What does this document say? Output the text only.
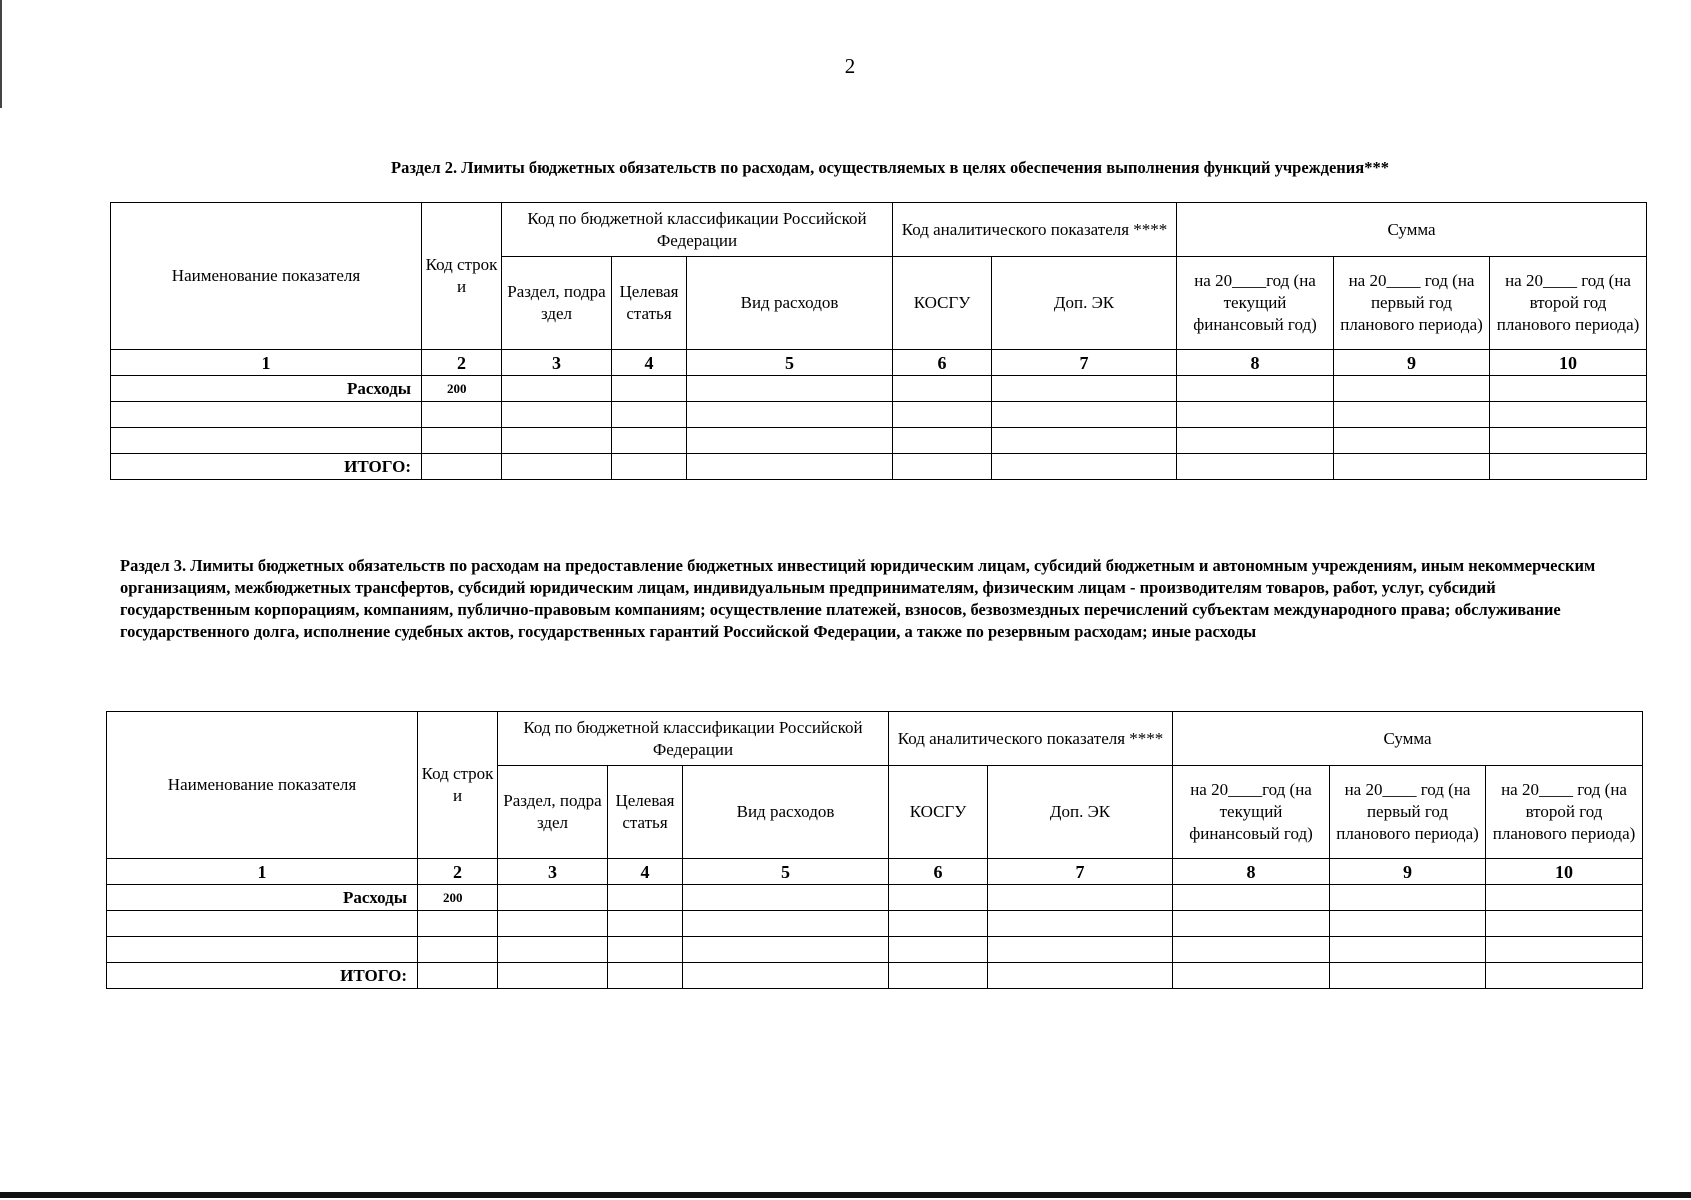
2
Раздел 2. Лимиты бюджетных обязательств по расходам, осуществляемых в целях обеспечения выполнения функций учреждения***
Наименование показателя	Код строки	Код по бюджетной классификации Российской Федерации			Код аналитического показателя ****		Сумма		
		Раздел, подраздел	Целевая статья	Вид расходов	КОСГУ	Доп. ЭК	на 20____год (на текущий финансовый год)	на 20____ год (на первый год планового периода)	на 20____ год (на второй год планового периода)
1	2	3	4	5	6	7	8	9	10
Расходы	200								

ИТОГО:									
Раздел 3. Лимиты бюджетных обязательств по расходам на предоставление бюджетных инвестиций юридическим лицам, субсидий бюджетным и автономным учреждениям, иным некоммерческим организациям, межбюджетных трансфертов, субсидий юридическим лицам, индивидуальным предпринимателям, физическим лицам - производителям товаров, работ, услуг, субсидий государственным корпорациям, компаниям, публично-правовым компаниям; осуществление платежей, взносов, безвозмездных перечислений субъектам международного права; обслуживание государственного долга, исполнение судебных актов, государственных гарантий Российской Федерации, а также по резервным расходам; иные расходы
Наименование показателя	Код строки	Код по бюджетной классификации Российской Федерации			Код аналитического показателя ****		Сумма		
		Раздел, подраздел	Целевая статья	Вид расходов	КОСГУ	Доп. ЭК	на 20____год (на текущий финансовый год)	на 20____ год (на первый год планового периода)	на 20____ год (на второй год планового периода)
1	2	3	4	5	6	7	8	9	10
Расходы	200								

ИТОГО:									
